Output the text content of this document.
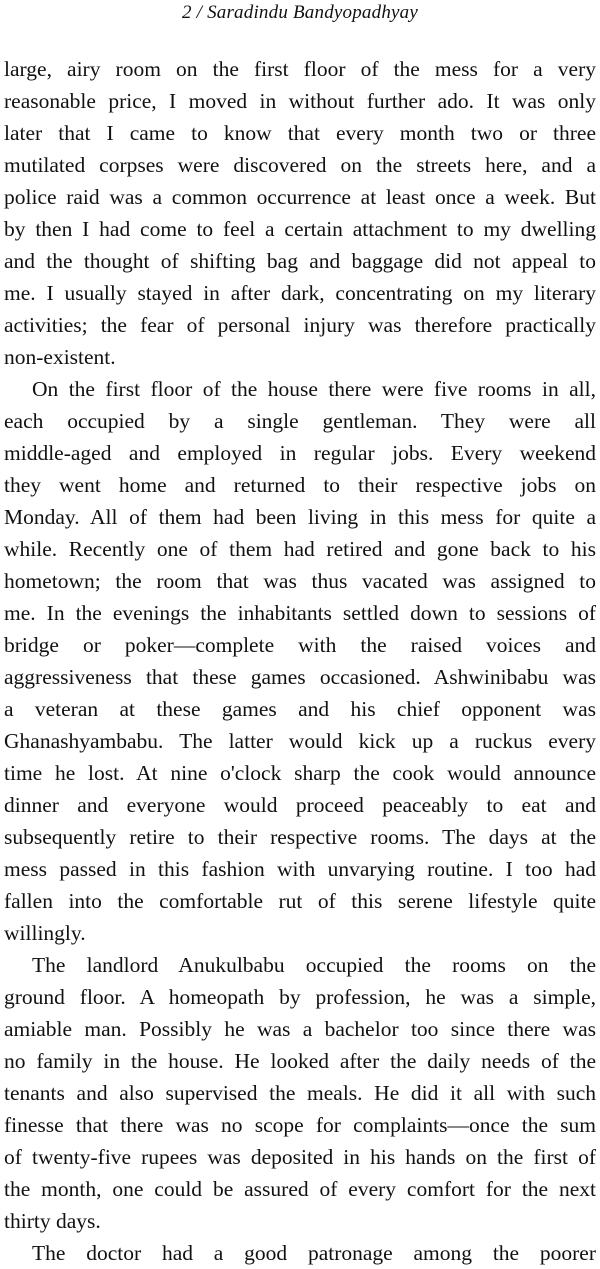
2 / Saradindu Bandyopadhyay
large, airy room on the first floor of the mess for a very
reasonable price, I moved in without further ado. It was only
later that I came to know that every month two or three
mutilated corpses were discovered on the streets here, and a
police raid was a common occurrence at least once a week. But
by then I had come to feel a certain attachment to my dwelling
and the thought of shifting bag and baggage did not appeal to
me. I usually stayed in after dark, concentrating on my literary
activities; the fear of personal injury was therefore practically
non-existent.
On the first floor of the house there were five rooms in all,
each occupied by a single gentleman. They were all
middle-aged and employed in regular jobs. Every weekend
they went home and returned to their respective jobs on
Monday. All of them had been living in this mess for quite a
while. Recently one of them had retired and gone back to his
hometown; the room that was thus vacated was assigned to
me. In the evenings the inhabitants settled down to sessions of
bridge or poker—complete with the raised voices and
aggressiveness that these games occasioned. Ashwinibabu was
a veteran at these games and his chief opponent was
Ghanashyambabu. The latter would kick up a ruckus every
time he lost. At nine o'clock sharp the cook would announce
dinner and everyone would proceed peaceably to eat and
subsequently retire to their respective rooms. The days at the
mess passed in this fashion with unvarying routine. I too had
fallen into the comfortable rut of this serene lifestyle quite
willingly.
The landlord Anukulbabu occupied the rooms on the
ground floor. A homeopath by profession, he was a simple,
amiable man. Possibly he was a bachelor too since there was
no family in the house. He looked after the daily needs of the
tenants and also supervised the meals. He did it all with such
finesse that there was no scope for complaints—once the sum
of twenty-five rupees was deposited in his hands on the first of
the month, one could be assured of every comfort for the next
thirty days.
The doctor had a good patronage among the poorer
